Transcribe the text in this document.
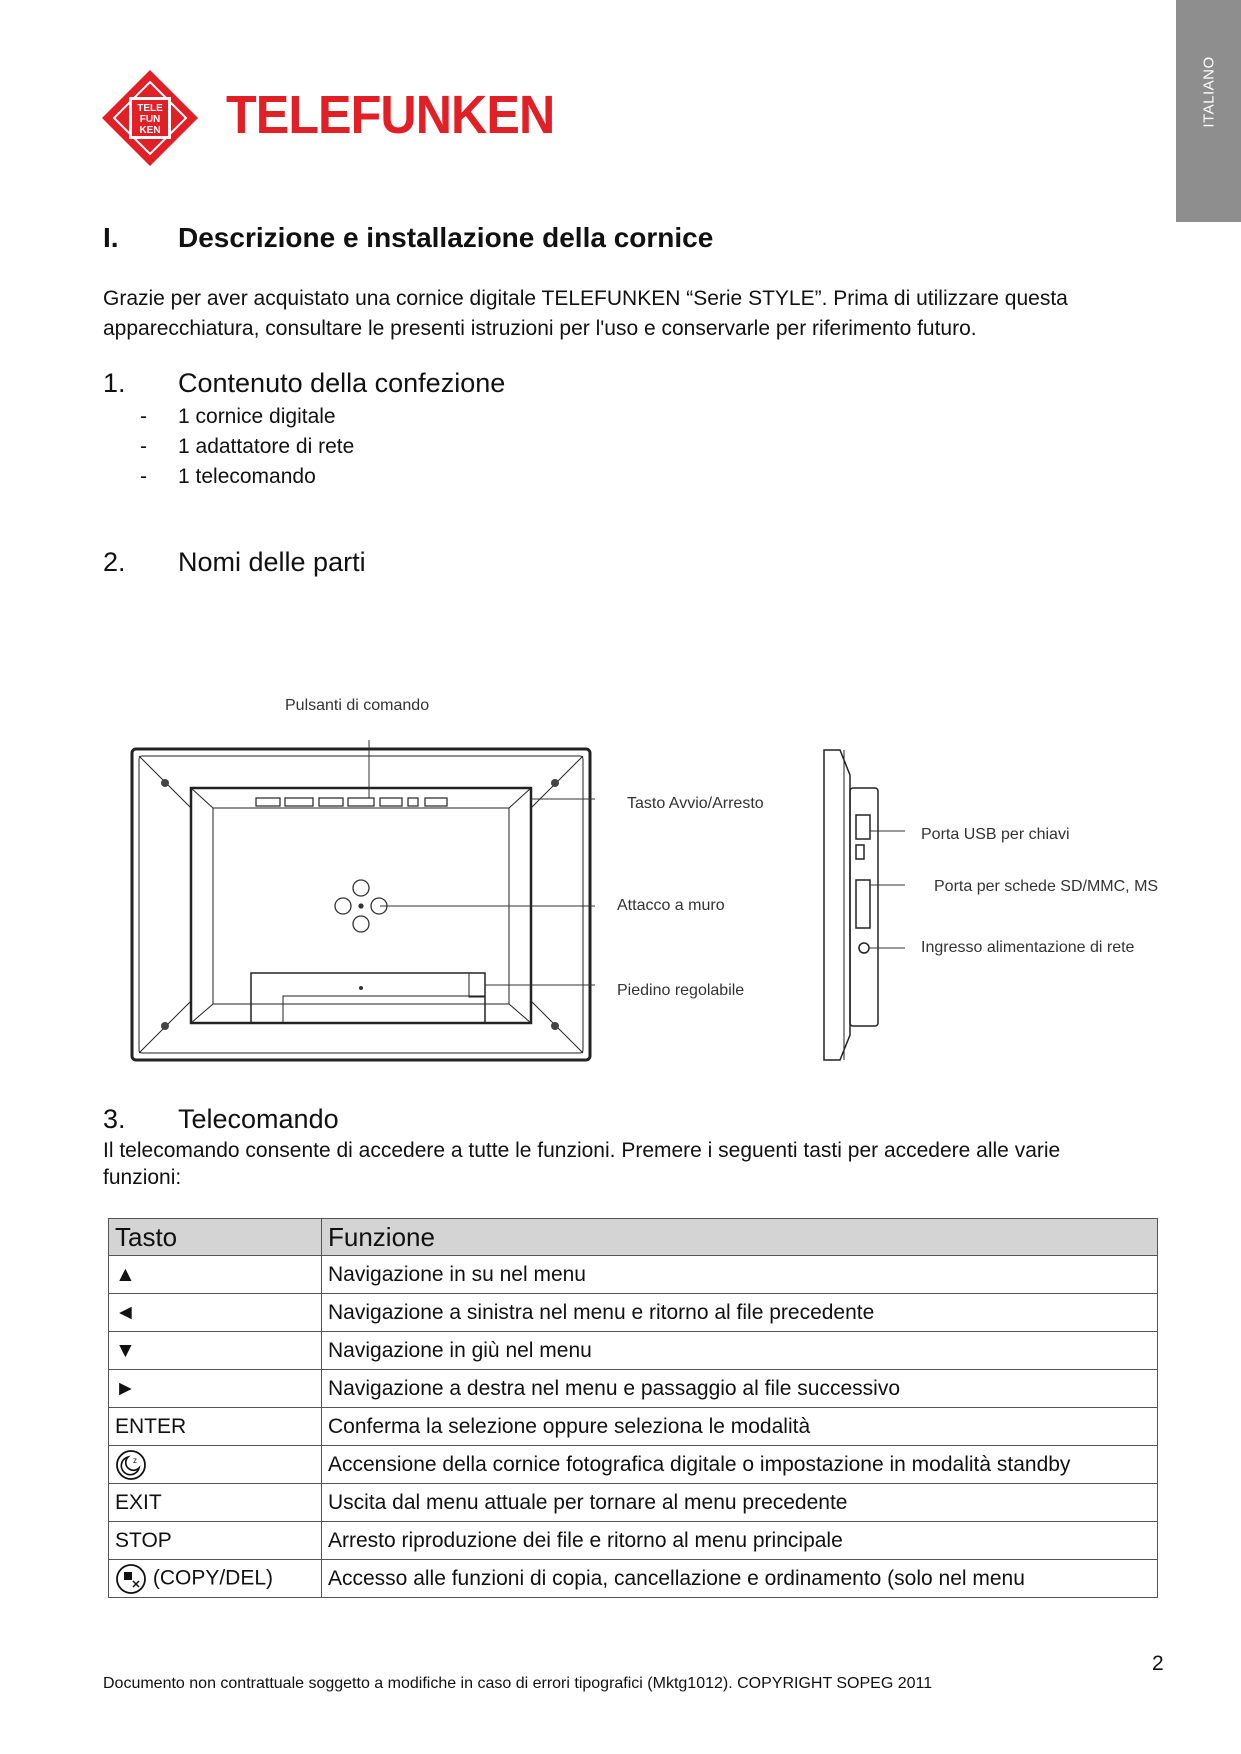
ITALIANO
TELE
FUN
KEN TELEFUNKEN
I. Descrizione e installazione della cornice
Grazie per aver acquistato una cornice digitale TELEFUNKEN “Serie STYLE”. Prima di utilizzare questa
apparecchiatura, consultare le presenti istruzioni per l'uso e conservarle per riferimento futuro.
1. Contenuto della confezione
- 1 cornice digitale
- 1 adattatore di rete
- 1 telecomando
2. Nomi delle parti
Pulsanti di comando
Tasto Avvio/Arresto
Attacco a muro
Piedino regolabile
Porta USB per chiavi
Porta per schede SD/MMC, MS
Ingresso alimentazione di rete
3. Telecomando
Il telecomando consente di accedere a tutte le funzioni. Premere i seguenti tasti per accedere alle varie
funzioni:
Tasto	Funzione
▲	Navigazione in su nel menu
◄	Navigazione a sinistra nel menu e ritorno al file precedente
▼	Navigazione in giù nel menu
►	Navigazione a destra nel menu e passaggio al file successivo
ENTER	Conferma la selezione oppure seleziona le modalità

z	Accensione della cornice fotografica digitale o impostazione in modalità standby
EXIT	Uscita dal menu attuale per tornare al menu precedente
STOP	Arresto riproduzione dei file e ritorno al menu principale
(COPY/DEL)	Accesso alle funzioni di copia, cancellazione e ordinamento (solo nel menu
2
Documento non contrattuale soggetto a modifiche in caso di errori tipografici (Mktg1012). COPYRIGHT SOPEG 2011
